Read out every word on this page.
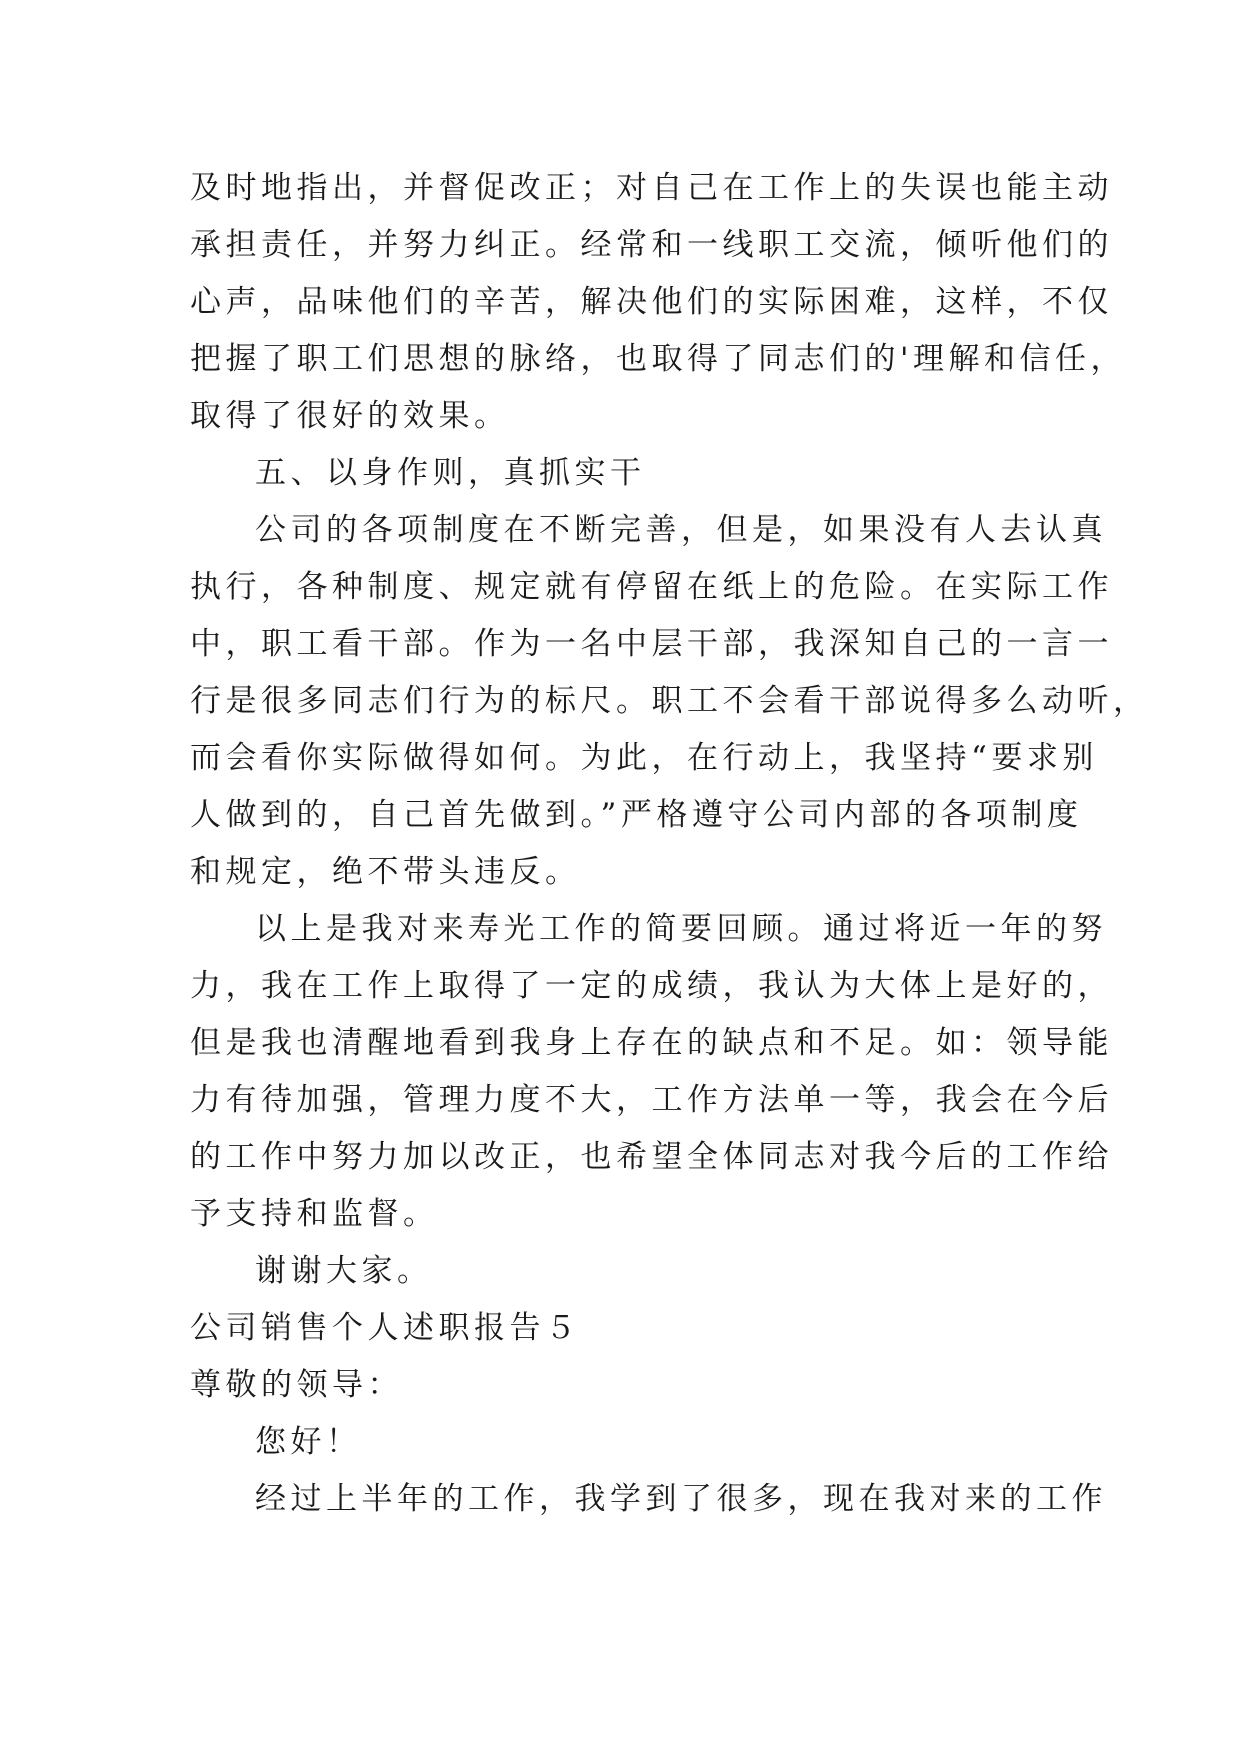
及时地指出，并督促改正；对自己在工作上的失误也能主动
承担责任，并努力纠正。经常和一线职工交流，倾听他们的
心声，品味他们的辛苦，解决他们的实际困难，这样，不仅
把握了职工们思想的脉络，也取得了同志们的'理解和信任，
取得了很好的效果。
五、以身作则，真抓实干
公司的各项制度在不断完善，但是，如果没有人去认真
执行，各种制度、规定就有停留在纸上的危险。在实际工作
中，职工看干部。作为一名中层干部，我深知自己的一言一
行是很多同志们行为的标尺。职工不会看干部说得多么动听，
而会看你实际做得如何。为此，在行动上，我坚持“要求别
人做到的，自己首先做到。”严格遵守公司内部的各项制度
和规定，绝不带头违反。
以上是我对来寿光工作的简要回顾。通过将近一年的努
力，我在工作上取得了一定的成绩，我认为大体上是好的，
但是我也清醒地看到我身上存在的缺点和不足。如：领导能
力有待加强，管理力度不大，工作方法单一等，我会在今后
的工作中努力加以改正，也希望全体同志对我今后的工作给
予支持和监督。
谢谢大家。
公司销售个人述职报告５
尊敬的领导：
您好！
经过上半年的工作，我学到了很多，现在我对来的工作
